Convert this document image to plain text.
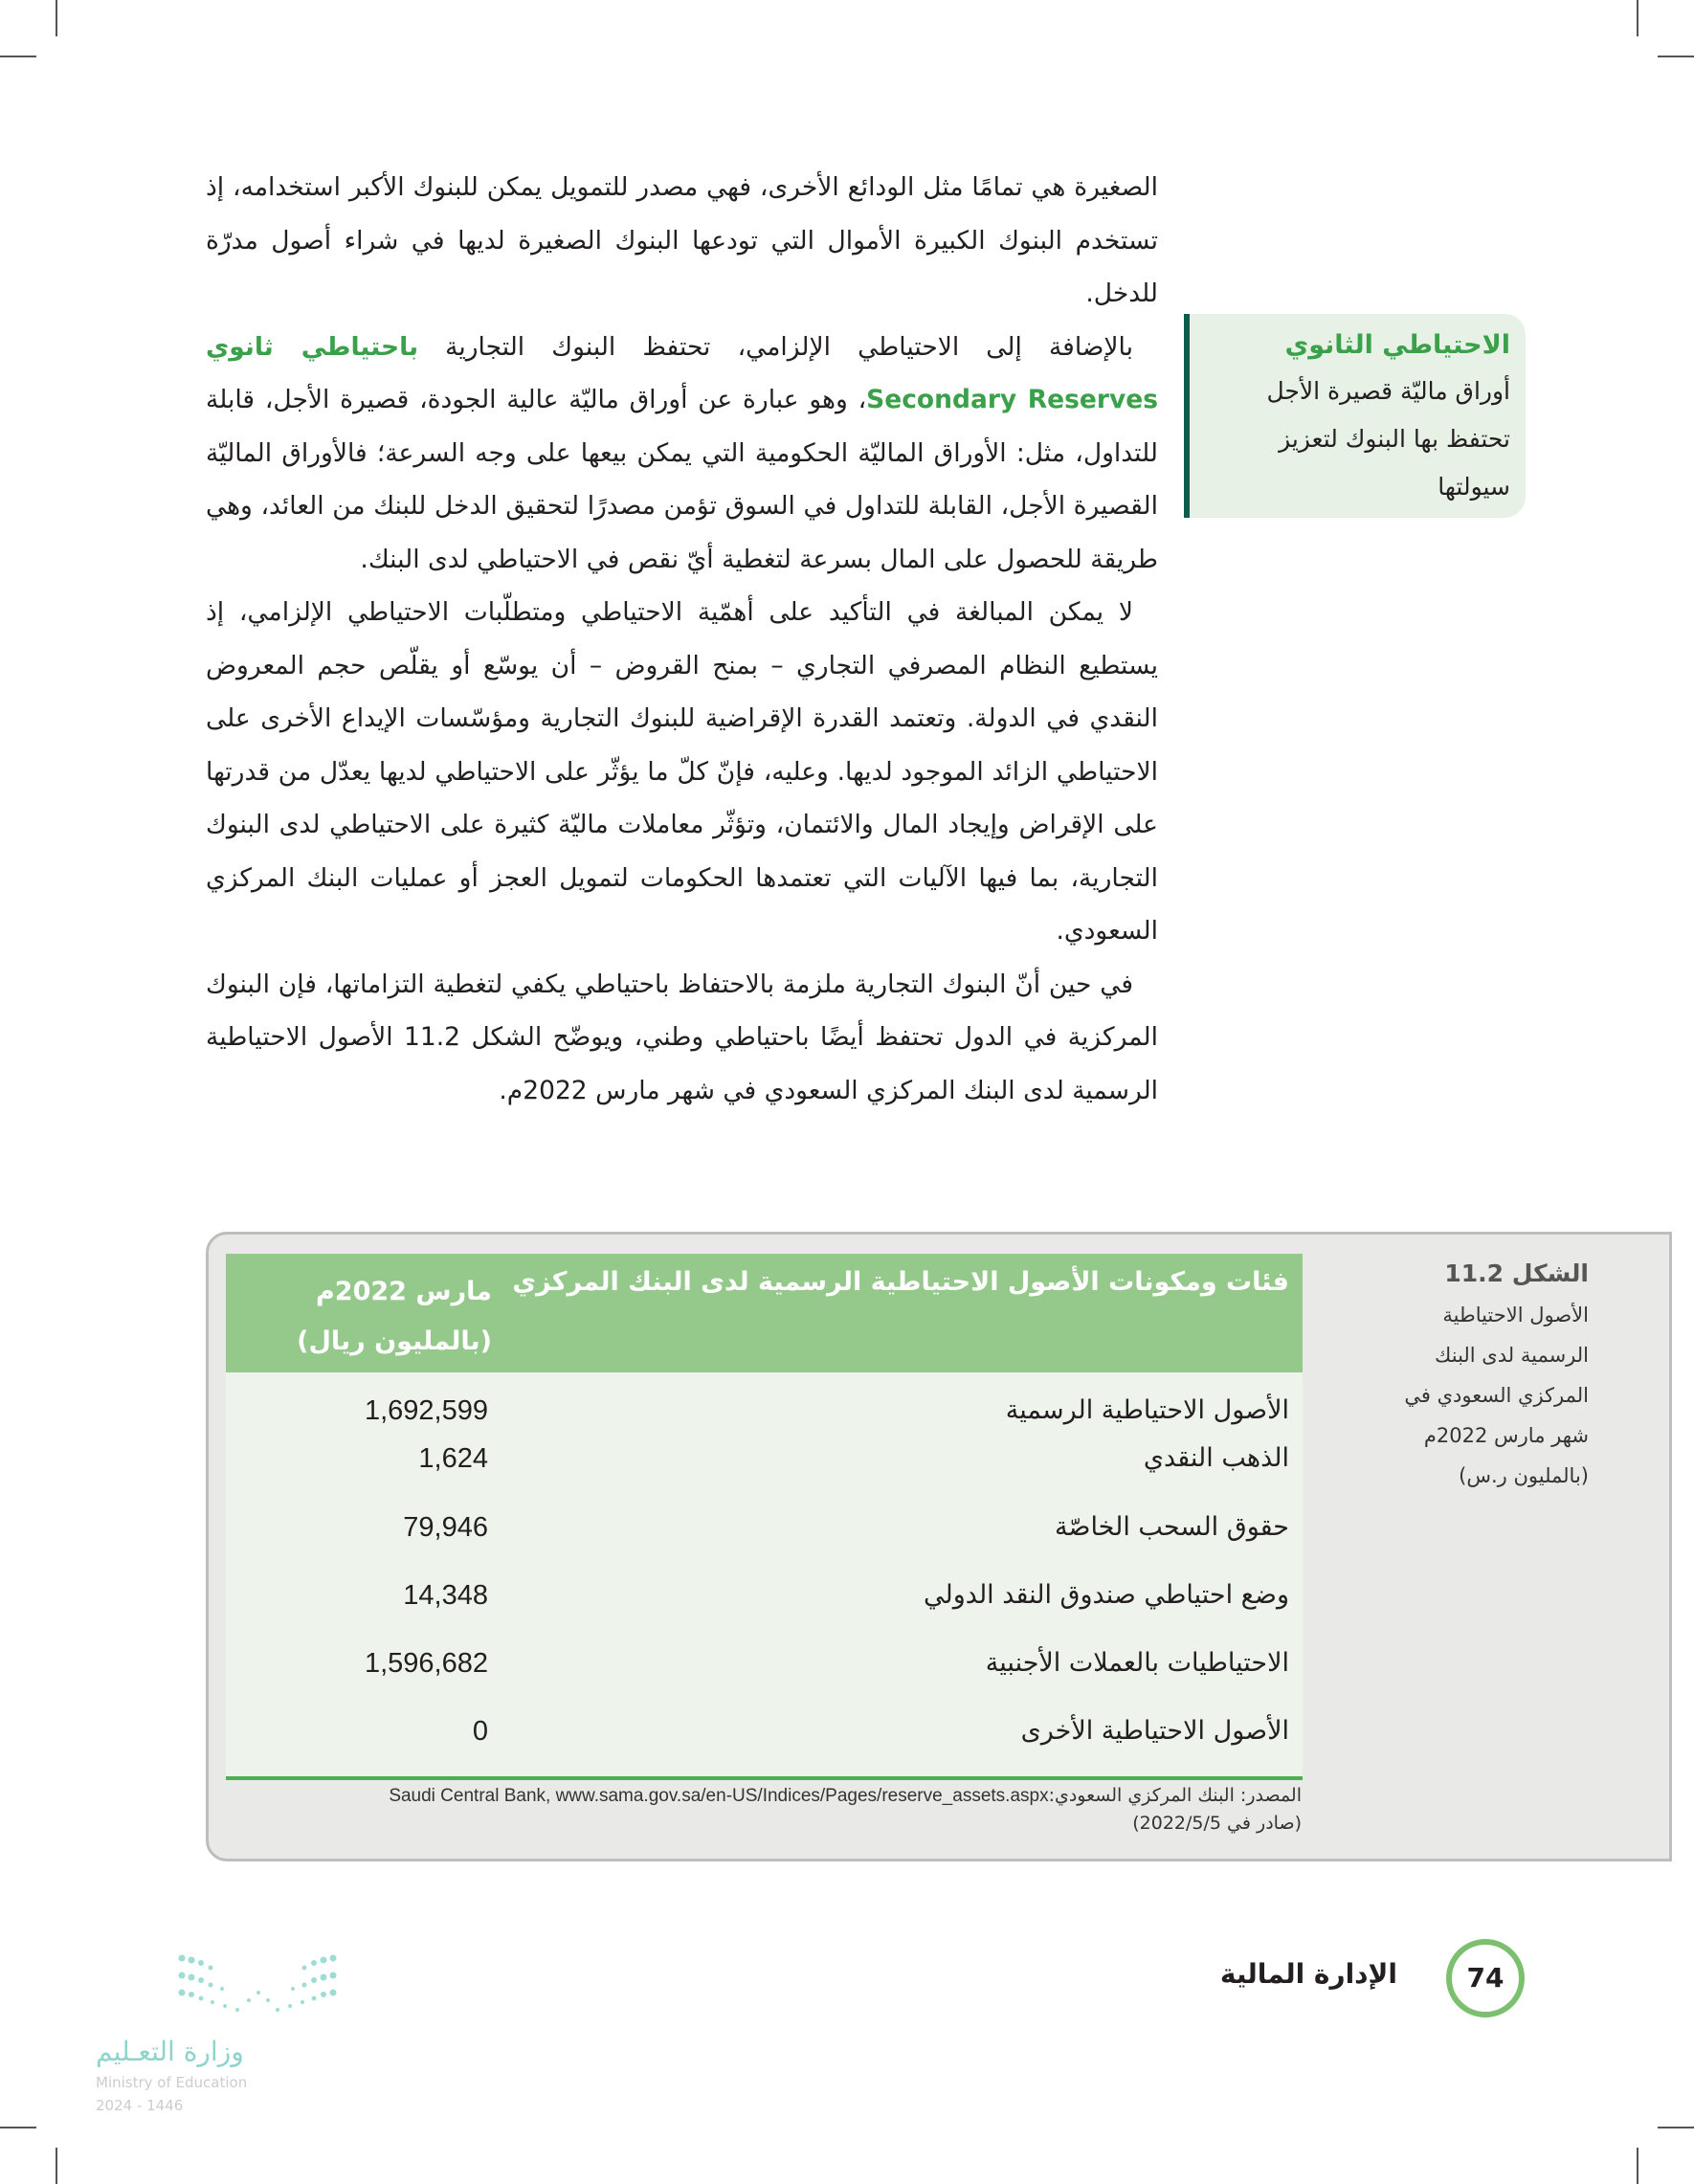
الصغيرة هي تمامًا مثل الودائع الأخرى، فهي مصدر للتمويل يمكن للبنوك الأكبر استخدامه، إذ تستخدم البنوك الكبيرة الأموال التي تودعها البنوك الصغيرة لديها في شراء أصول مدرّة للدخل.

بالإضافة إلى الاحتياطي الإلزامي، تحتفظ البنوك التجارية باحتياطي ثانوي Secondary Reserves، وهو عبارة عن أوراق ماليّة عالية الجودة، قصيرة الأجل، قابلة للتداول، مثل: الأوراق الماليّة الحكومية التي يمكن بيعها على وجه السرعة؛ فالأوراق الماليّة القصيرة الأجل، القابلة للتداول في السوق تؤمن مصدرًا لتحقيق الدخل للبنك من العائد، وهي طريقة للحصول على المال بسرعة لتغطية أيّ نقص في الاحتياطي لدى البنك.

لا يمكن المبالغة في التأكيد على أهمّية الاحتياطي ومتطلّبات الاحتياطي الإلزامي، إذ يستطيع النظام المصرفي التجاري – بمنح القروض – أن يوسّع أو يقلّص حجم المعروض النقدي في الدولة. وتعتمد القدرة الإقراضية للبنوك التجارية ومؤسّسات الإيداع الأخرى على الاحتياطي الزائد الموجود لديها. وعليه، فإنّ كلّ ما يؤثّر على الاحتياطي لديها يعدّل من قدرتها على الإقراض وإيجاد المال والائتمان، وتؤثّر معاملات ماليّة كثيرة على الاحتياطي لدى البنوك التجارية، بما فيها الآليات التي تعتمدها الحكومات لتمويل العجز أو عمليات البنك المركزي السعودي.

في حين أنّ البنوك التجارية ملزمة بالاحتفاظ باحتياطي يكفي لتغطية التزاماتها، فإن البنوك المركزية في الدول تحتفظ أيضًا باحتياطي وطني، ويوضّح الشكل 11.2 الأصول الاحتياطية الرسمية لدى البنك المركزي السعودي في شهر مارس 2022م.

الاحتياطي الثانوي
أوراق ماليّة قصيرة الأجل
تحتفظ بها البنوك لتعزيز
سيولتها
الشكل 11.2
الأصول الاحتياطية الرسمية لدى البنك المركزي السعودي في شهر مارس 2022م (بالمليون ر.س)
فئات ومكونات الأصول الاحتياطية الرسمية لدى البنك المركزي
مارس 2022م
(بالمليون ريال)
الأصول الاحتياطية الرسمية
1,692,599
الذهب النقدي
1,624
حقوق السحب الخاصّة
79,946
وضع احتياطي صندوق النقد الدولي
14,348
الاحتياطيات بالعملات الأجنبية
1,596,682
الأصول الاحتياطية الأخرى
0
المصدر: البنك المركزي السعودي:Saudi Central Bank, www.sama.gov.sa/en-US/Indices/Pages/reserve_assets.aspx
(صادر في 2022/5/5)
74
الإدارة المالية
وزارة التعـليم
Ministry of Education
2024 - 1446
